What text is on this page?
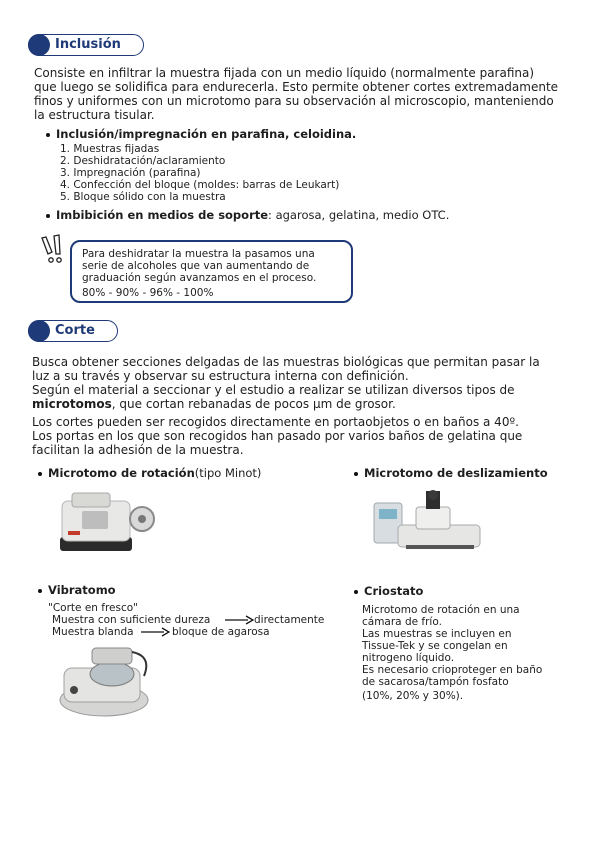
Inclusión

Consiste en infiltrar la muestra fijada con un medio líquido (normalmente parafina)

que luego se solidifica para endurecerla. Esto permite obtener cortes extremadamente

finos y uniformes con un microtomo para su observación al microscopio, manteniendo

la estructura tisular.

Inclusión/impregnación en parafina, celoidina.
1. Muestras fijadas
2. Deshidratación/aclaramiento
3. Impregnación (parafina)
4. Confección del bloque (moldes: barras de Leukart)
5. Bloque sólido con la muestra
Imbibición en medios de soporte: agarosa, gelatina, medio OTC.
Para deshidratar la muestra la pasamos una
serie de alcoholes que van aumentando de
graduación según avanzamos en el proceso.
80% - 90% - 96% - 100%
Corte

Busca obtener secciones delgadas de las muestras biológicas que permitan pasar la

luz a su través y observar su estructura interna con definición.

Según el material a seccionar y el estudio a realizar se utilizan diversos tipos de

microtomos, que cortan rebanadas de pocos µm de grosor.

Los cortes pueden ser recogidos directamente en portaobjetos o en baños a 40º.

Los portas en los que son recogidos han pasado por varios baños de gelatina que

facilitan la adhesión de la muestra.

Microtomo de rotación(tipo Minot)	Microtomo de deslizamiento
Vibratomo

"Corte en fresco"

Muestra con suficiente dureza	directamente
Muestra blanda	bloque de agarosa
Criostato

Microtomo de rotación en una

cámara de frío.

Las muestras se incluyen en

Tissue-Tek y se congelan en

nitrogeno líquido.

Es necesario crioproteger en baño

de sacarosa/tampón fosfato

(10%, 20% y 30%).
